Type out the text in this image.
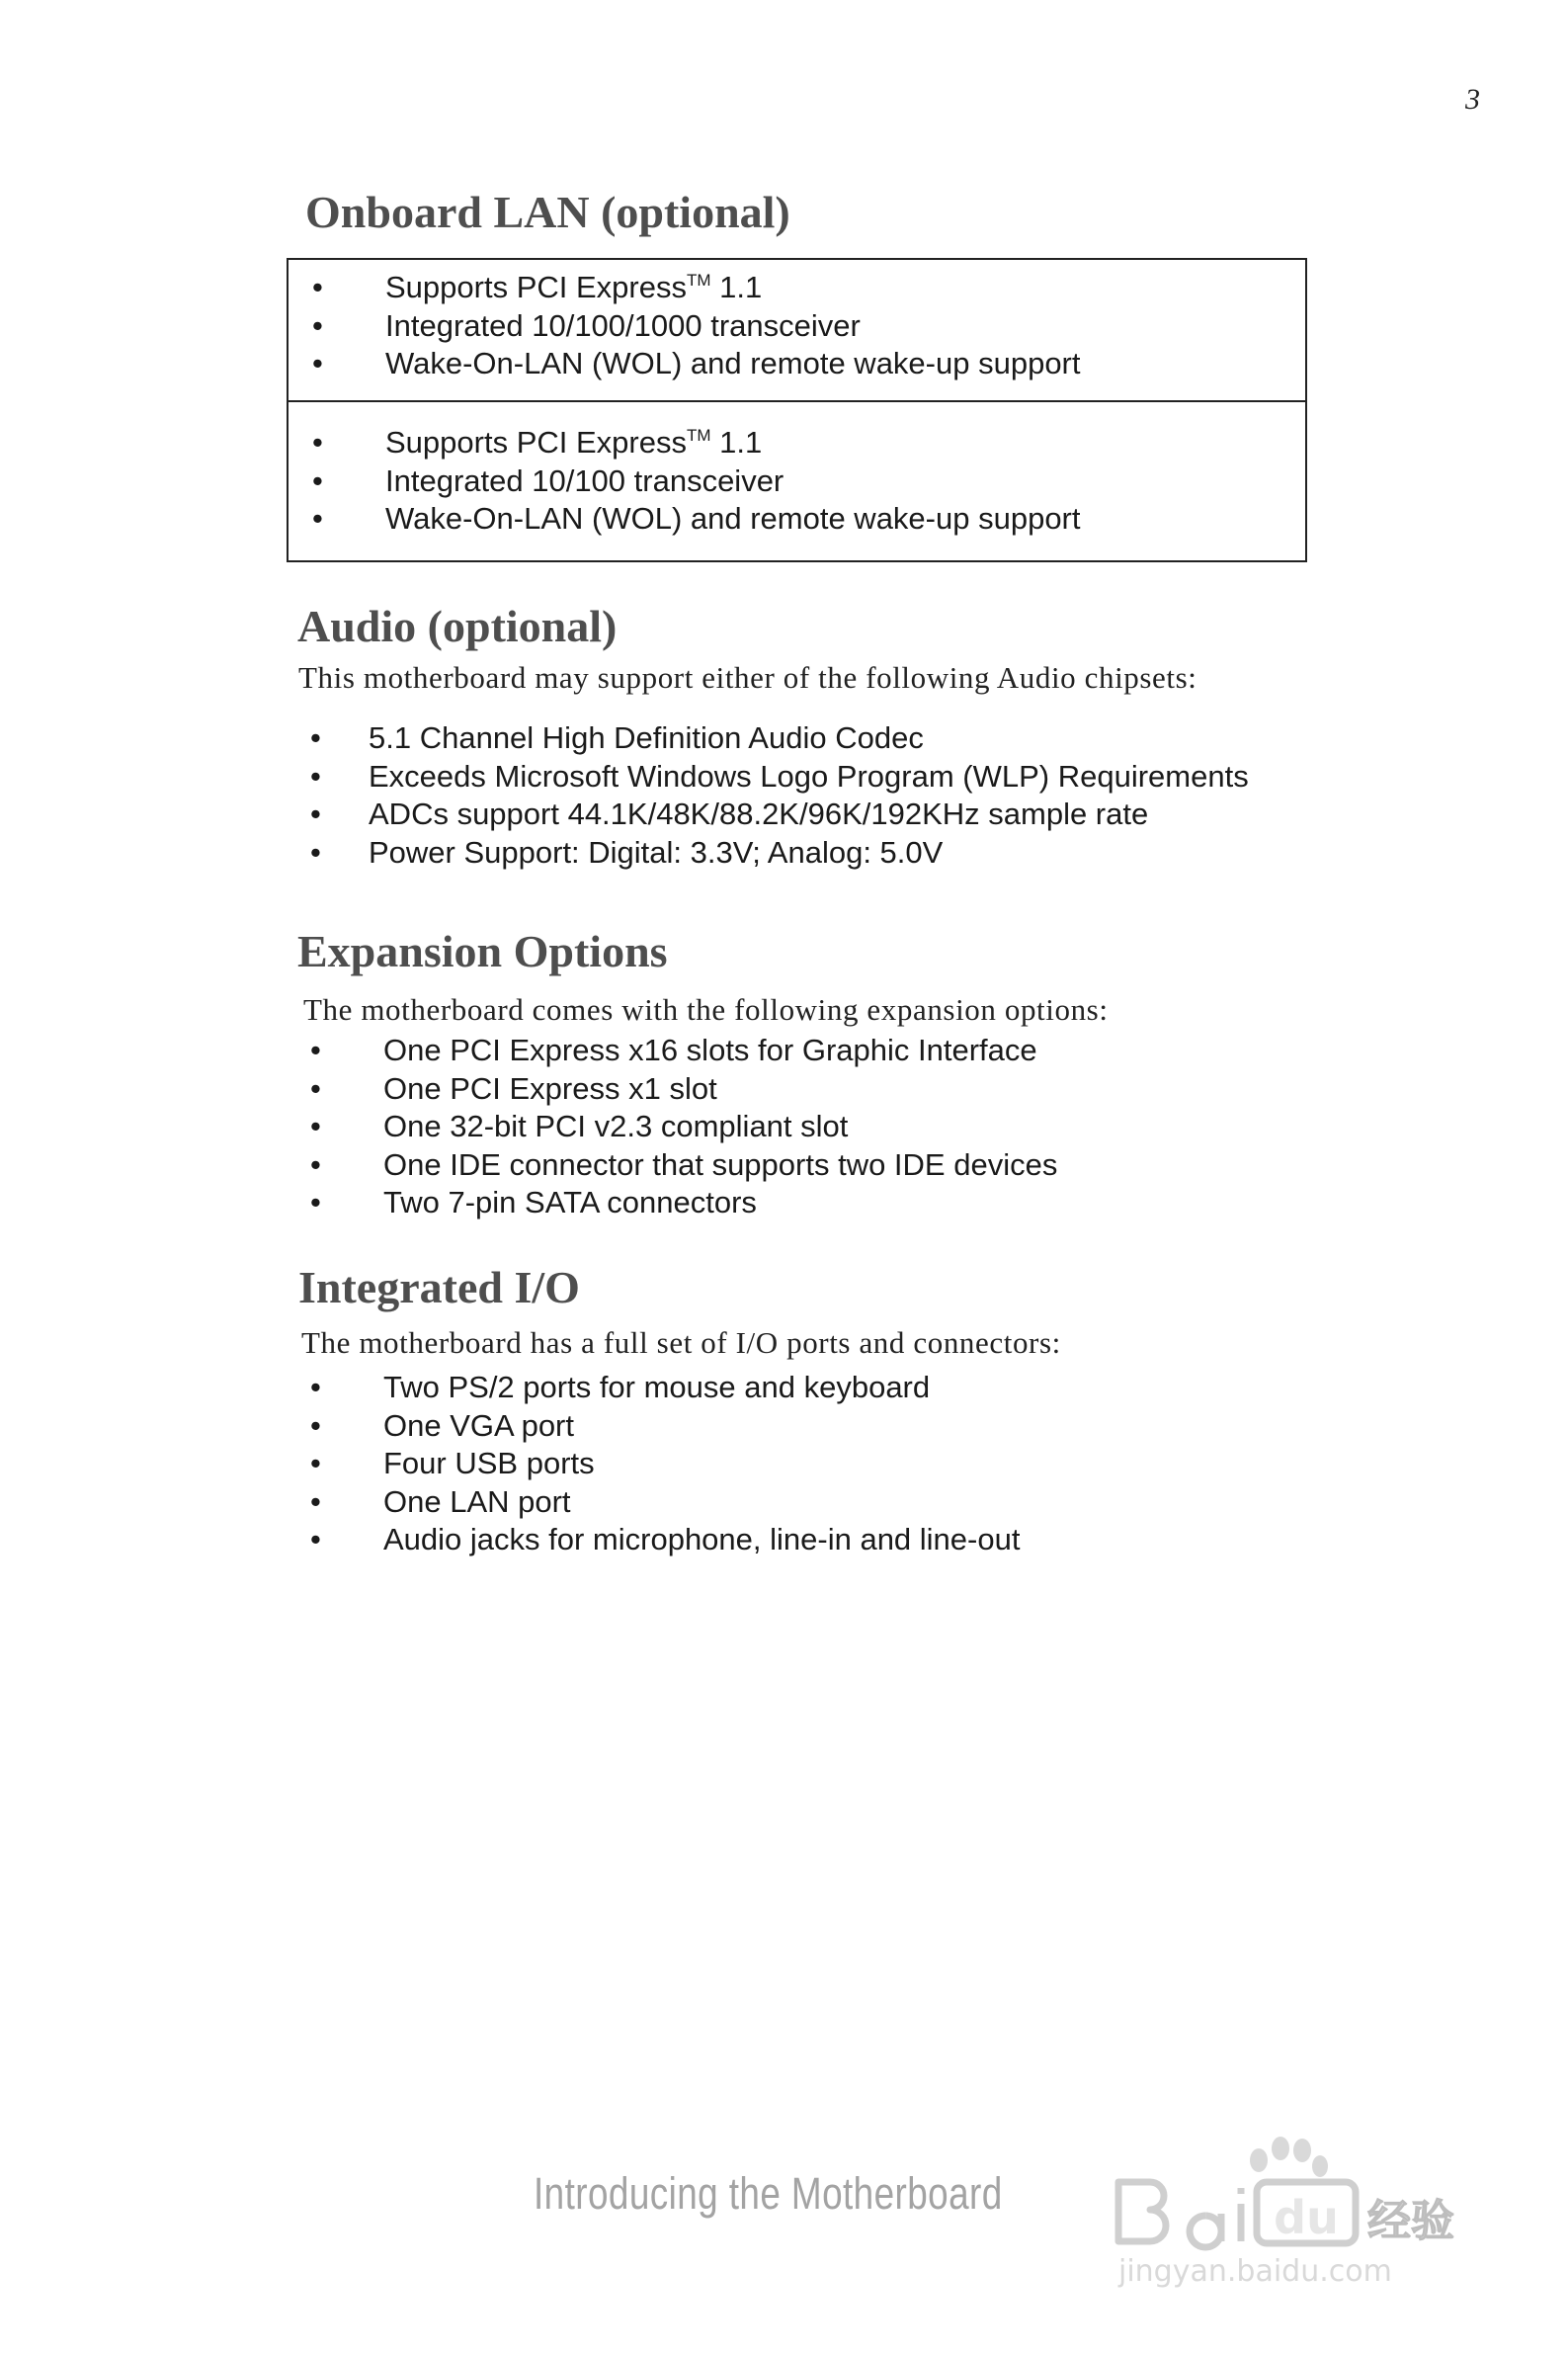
3
Onboard LAN (optional)
• Supports PCI Express™ 1.1
• Integrated 10/100/1000 transceiver
• Wake-On-LAN (WOL) and remote wake-up support
• Supports PCI Express™ 1.1
• Integrated 10/100 transceiver
• Wake-On-LAN (WOL) and remote wake-up support
Audio (optional)

This motherboard may support either of the following Audio chipsets:

• 5.1 Channel High Definition Audio Codec
• Exceeds Microsoft Windows Logo Program (WLP) Requirements
• ADCs support 44.1K/48K/88.2K/96K/192KHz sample rate
• Power Support: Digital: 3.3V; Analog: 5.0V
Expansion Options

The motherboard comes with the following expansion options:

• One PCI Express x16 slots for Graphic Interface
• One PCI Express x1 slot
• One 32-bit PCI v2.3 compliant slot
• One IDE connector that supports two IDE devices
• Two 7-pin SATA connectors
Integrated I/O

The motherboard has a full set of I/O ports and connectors:

• Two PS/2 ports for mouse and keyboard
• One VGA port
• Four USB ports
• One LAN port
• Audio jacks for microphone, line-in and line-out
Introducing the Motherboard	du 经验
jingyan.baidu.com
